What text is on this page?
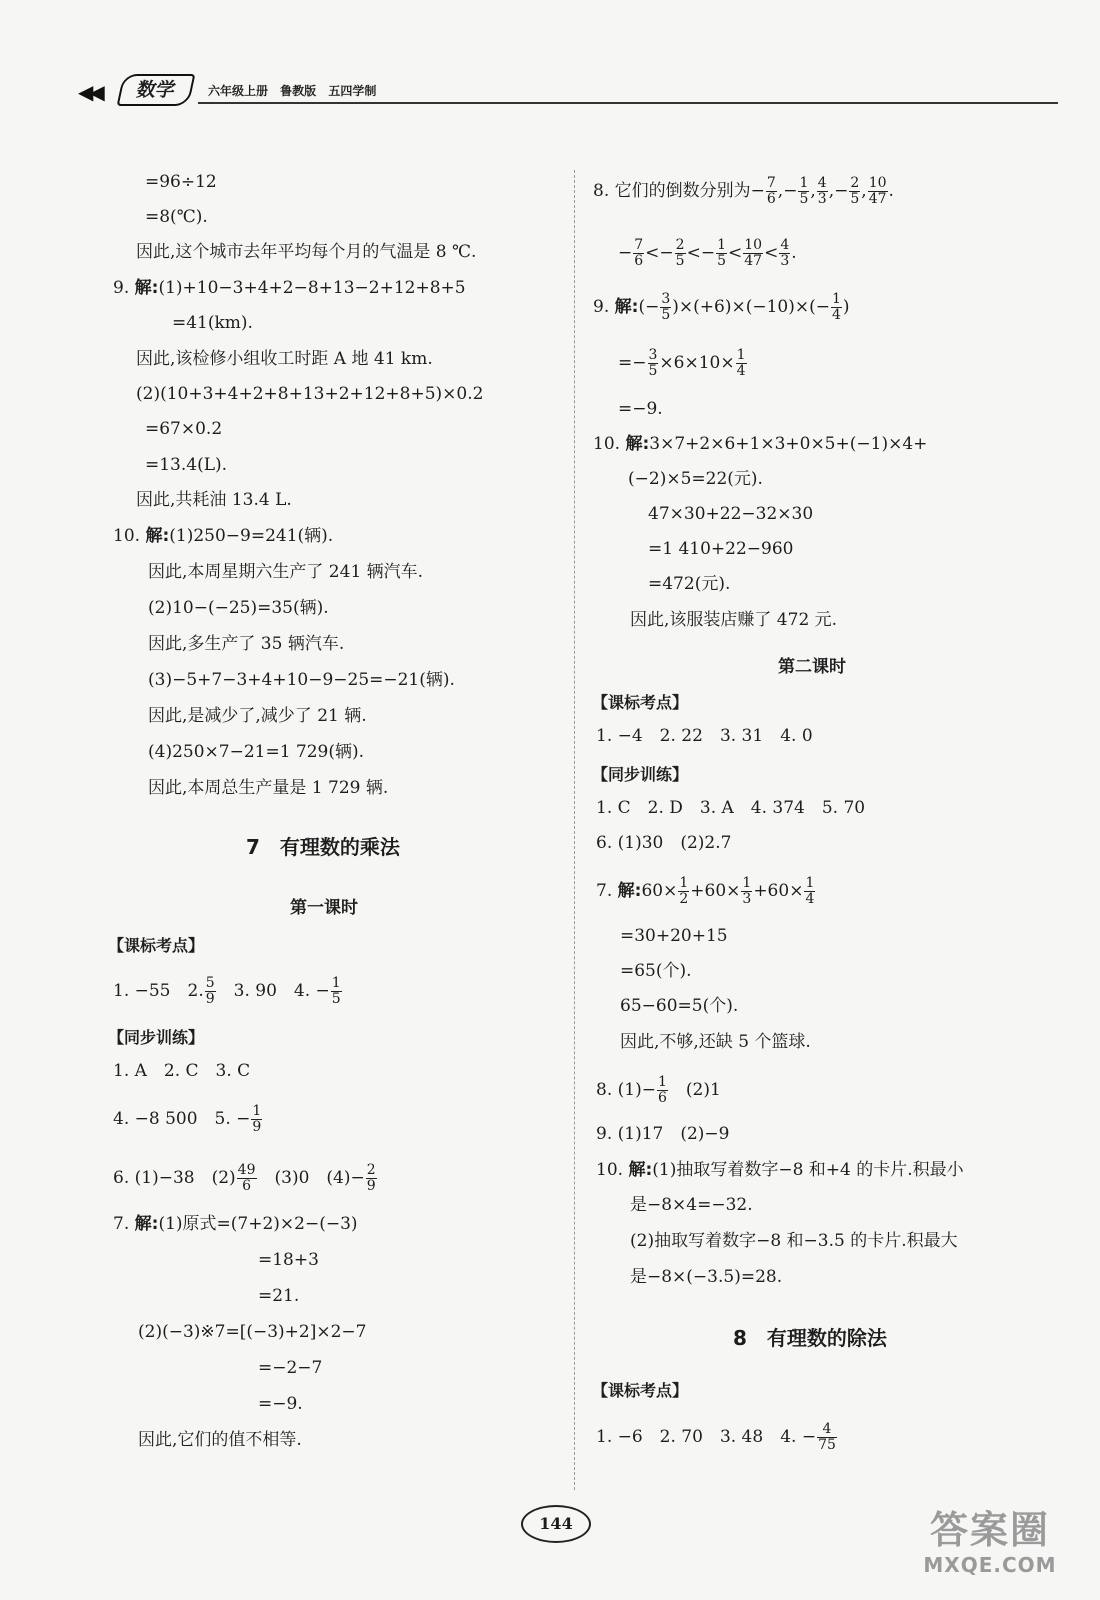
◀◀	数学	六年级上册 鲁教版 五四学制
=96÷12
=8(℃).
因此,这个城市去年平均每个月的气温是 8 ℃.
9. 解:(1)+10−3+4+2−8+13−2+12+8+5
=41(km).
因此,该检修小组收工时距 A 地 41 km.
(2)(10+3+4+2+8+13+2+12+8+5)×0.2
=67×0.2
=13.4(L).
因此,共耗油 13.4 L.
10. 解:(1)250−9=241(辆).
因此,本周星期六生产了 241 辆汽车.
(2)10−(−25)=35(辆).
因此,多生产了 35 辆汽车.
(3)−5+7−3+4+10−9−25=−21(辆).
因此,是减少了,减少了 21 辆.
(4)250×7−21=1 729(辆).
因此,本周总生产量是 1 729 辆.
7　有理数的乘法
第一课时
【课标考点】
1. −55　2. $\frac{5}{9}$ 　3. 90　4. − $\frac{1}{5}$
【同步训练】
1. A　2. C　3. C
4. −8 500　5. − $\frac{1}{9}$
6. (1)−38　$(2) \frac{49}{6}$ 　(3)0　$(4)- \frac{2}{9}$
7. 解:(1)原式=(7+2)×2−(−3)
=18+3
=21.
(2)(−3)※7=[(−3)+2]×2−7
=−2−7
=−9.
因此,它们的值不相等.
8. 它们的倒数分别为− $\frac{7}{6}$ ,− $\frac{1}{5}$ , $\frac{4}{3}$ ,− $\frac{2}{5}$ , $\frac{10}{47}$ .
− $\frac{7}{6} <- \frac{2}{5} <- \frac{1}{5} < \frac{10}{47} < \frac{4}{3}$ .
9. 解:(− $\frac{3}{5} )\times(+6)\times(-10)\times(- \frac{1}{4}$ )
=− $\frac{3}{5} \times 6\times 10\times \frac{1}{4}$
=−9.
10. 解:3×7+2×6+1×3+0×5+(−1)×4+
(−2)×5=22(元).
47×30+22−32×30
=1 410+22−960
=472(元).
因此,该服装店赚了 472 元.
第二课时
【课标考点】
1. −4　2. 22　3. 31　4. 0
【同步训练】
1. C　2. D　3. A　4. 374　5. 70
6. (1)30　(2)2.7
7. 解:60× $\frac{1}{2} +60\times \frac{1}{3} +60\times \frac{1}{4}$
=30+20+15
=65(个).
65−60=5(个).
因此,不够,还缺 5 个篮球.
8. $(1)- \frac{1}{6}$ 　(2)1
9. (1)17　(2)−9
10. 解:(1)抽取写着数字−8 和+4 的卡片.积最小
是−8×4=−32.
(2)抽取写着数字−8 和−3.5 的卡片.积最大
是−8×(−3.5)=28.
8　有理数的除法
【课标考点】
1. −6　2. 70　3. 48　4. − $\frac{4}{75}$
144	答案圈
MXQE.COM
